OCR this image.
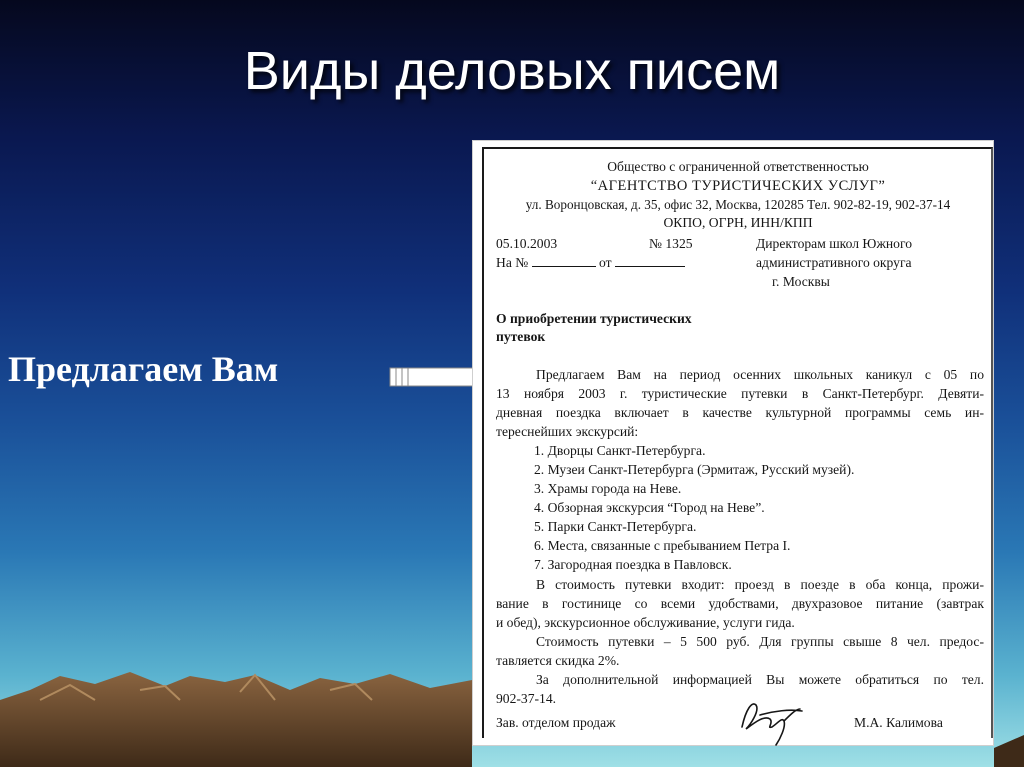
Виды деловых писем
Предлагаем Вам
Общество с ограниченной ответственностью
“АГЕНТСТВО ТУРИСТИЧЕСКИХ УСЛУГ”
ул. Воронцовская, д. 35, офис 32, Москва, 120285 Тел. 902-82-19, 902-37-14
ОКПО, ОГРН, ИНН/КПП
05.10.2003	№ 1325
На №	от
Директорам школ Южного
административного округа
г. Москвы
О приобретении туристических
путевок
Предлагаем Вам на период осенних школьных каникул с 05 по
13 ноября 2003 г. туристические путевки в Санкт-Петербург. Девяти-
дневная поездка включает в качестве культурной программы семь ин-
тереснейших экскурсий:
1. Дворцы Санкт-Петербурга.
2. Музеи Санкт-Петербурга (Эрмитаж, Русский музей).
3. Храмы города на Неве.
4. Обзорная экскурсия “Город на Неве”.
5. Парки Санкт-Петербурга.
6. Места, связанные с пребыванием Петра I.
7. Загородная поездка в Павловск.
В стоимость путевки входит: проезд в поезде в оба конца, прожи-
вание в гостинице со всеми удобствами, двухразовое питание (завтрак
и обед), экскурсионное обслуживание, услуги гида.
Стоимость путевки – 5 500 руб. Для группы свыше 8 чел. предос-
тавляется скидка 2%.
За дополнительной информацией Вы можете обратиться по тел.
902-37-14.
Зав. отделом продаж	М.А. Калимова
